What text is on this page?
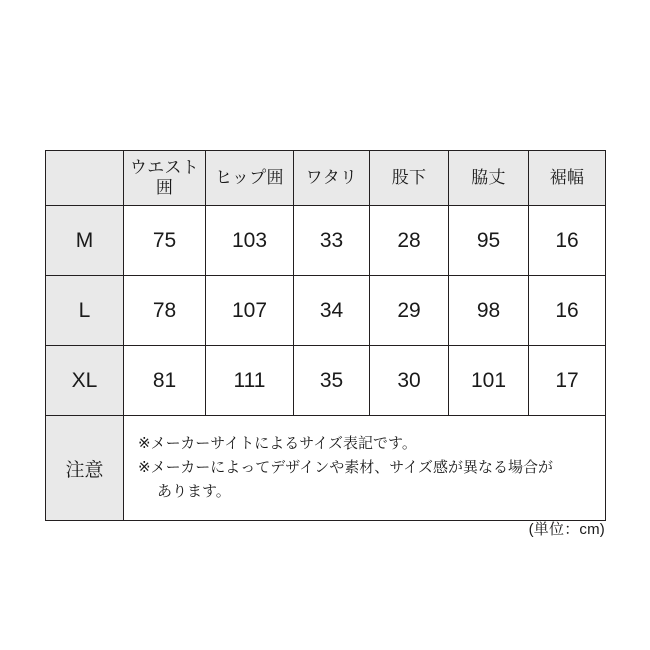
	ウエスト囲	ヒップ囲	ワタリ	股下	脇丈	裾幅
M	75	103	33	28	95	16
L	78	107	34	29	98	16
XL	81	111	35	30	101	17
注意	※メーカーサイトによるサイズ表記です。
※メーカーによってデザインや素材、サイズ感が異なる場合が
あります。					
(単位：cm)
